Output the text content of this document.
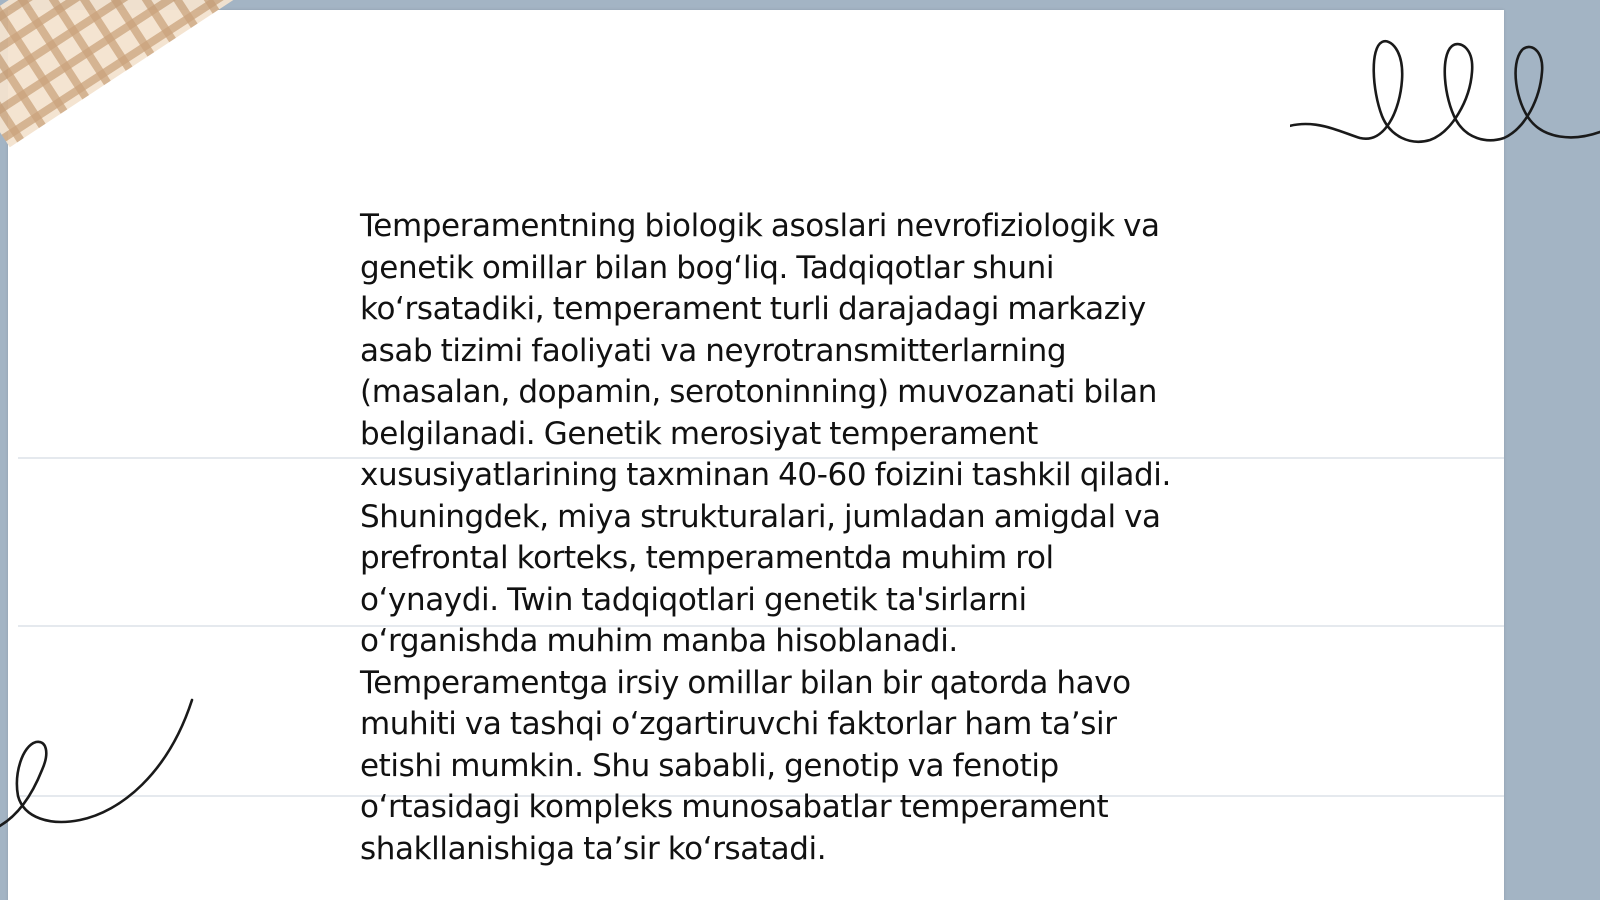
Temperamentning biologik asoslari nevrofiziologik va
genetik omillar bilan bog‘liq. Tadqiqotlar shuni
ko‘rsatadiki, temperament turli darajadagi markaziy
asab tizimi faoliyati va neyrotransmitterlarning
(masalan, dopamin, serotoninning) muvozanati bilan
belgilanadi. Genetik merosiyat temperament
xususiyatlarining taxminan 40-60 foizini tashkil qiladi.
Shuningdek, miya strukturalari, jumladan amigdal va
prefrontal korteks, temperamentda muhim rol
o‘ynaydi. Twin tadqiqotlari genetik ta'sirlarni
o‘rganishda muhim manba hisoblanadi.
Temperamentga irsiy omillar bilan bir qatorda havo
muhiti va tashqi o‘zgartiruvchi faktorlar ham ta’sir
etishi mumkin. Shu sababli, genotip va fenotip
o‘rtasidagi kompleks munosabatlar temperament
shakllanishiga ta’sir ko‘rsatadi.
